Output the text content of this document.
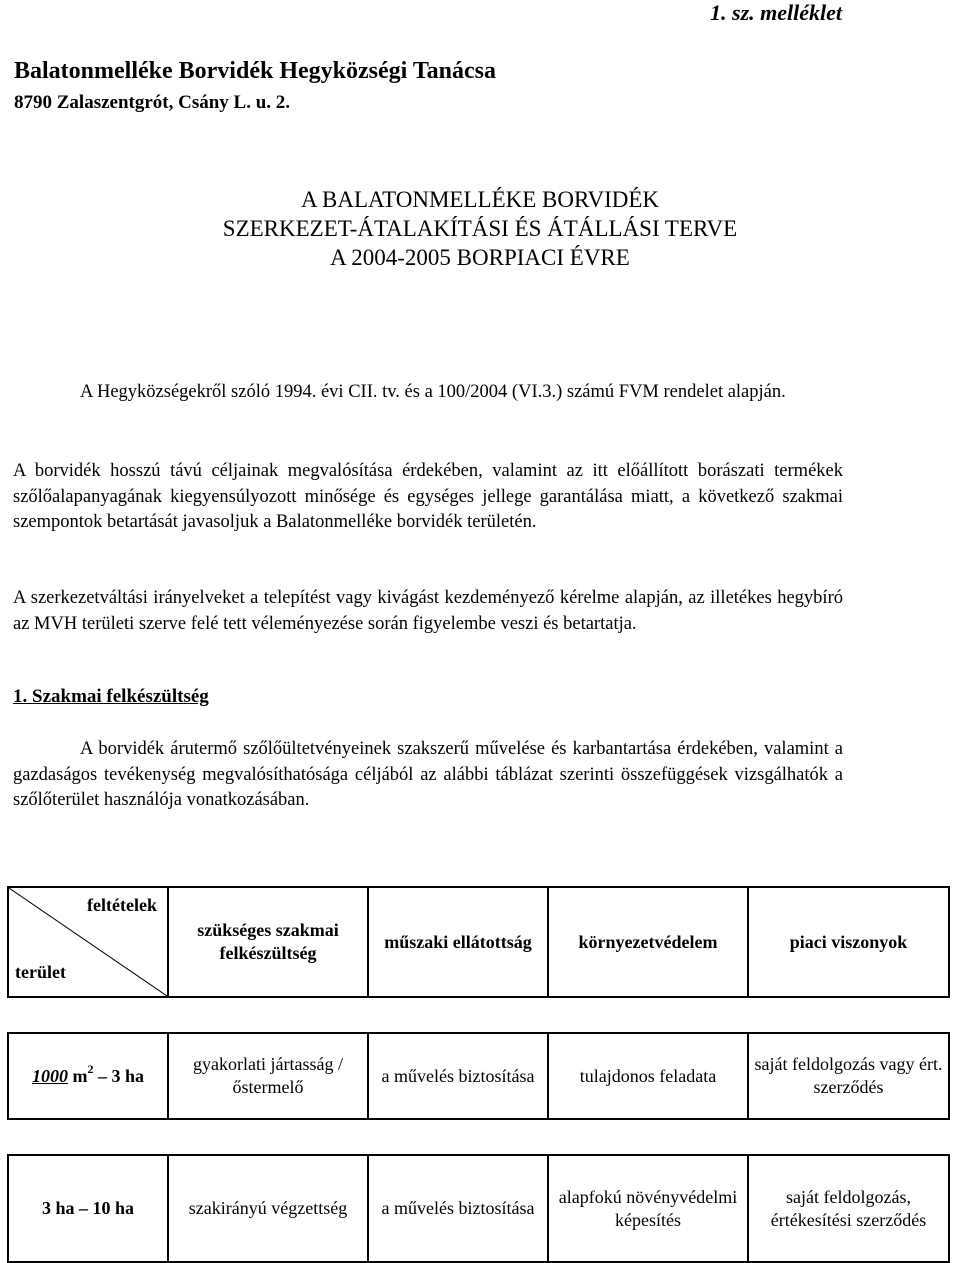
1. sz. melléklet
Balatonmelléke Borvidék Hegyközségi Tanácsa
8790 Zalaszentgrót, Csány L. u. 2.
A BALATONMELLÉKE BORVIDÉK
SZERKEZET-ÁTALAKÍTÁSI ÉS ÁTÁLLÁSI TERVE
A 2004-2005 BORPIACI ÉVRE
A Hegyközségekről szóló 1994. évi CII. tv. és a 100/2004 (VI.3.) számú FVM rendelet alapján.
A borvidék hosszú távú céljainak megvalósítása érdekében, valamint az itt előállított borászati termékek szőlőalapanyagának kiegyensúlyozott minősége és egységes jellege garantálása miatt, a következő szakmai szempontok betartását javasoljuk a Balatonmelléke borvidék területén.
A szerkezetváltási irányelveket a telepítést vagy kivágást kezdeményező kérelme alapján, az illetékes hegybíró az MVH területi szerve felé tett véleményezése során figyelembe veszi és betartatja.
1. Szakmai felkészültség
A borvidék árutermő szőlőültetvényeinek szakszerű művelése és karbantartása érdekében, valamint a gazdaságos tevékenység megvalósíthatósága céljából az alábbi táblázat szerinti összefüggések vizsgálhatók a szőlőterület használója vonatkozásában.
feltételek
terület	szükséges szakmai felkészültség	műszaki ellátottság	környezetvédelem	piaci viszonyok

1000 $m^2 - 3$ ha	gyakorlati jártasság / őstermelő	a művelés biztosítása	tulajdonos feladata	saját feldolgozás vagy ért. szerződés

3 ha – 10 ha	szakirányú végzettség	a művelés biztosítása	alapfokú növényvédelmi képesítés	saját feldolgozás, értékesítési szerződés
